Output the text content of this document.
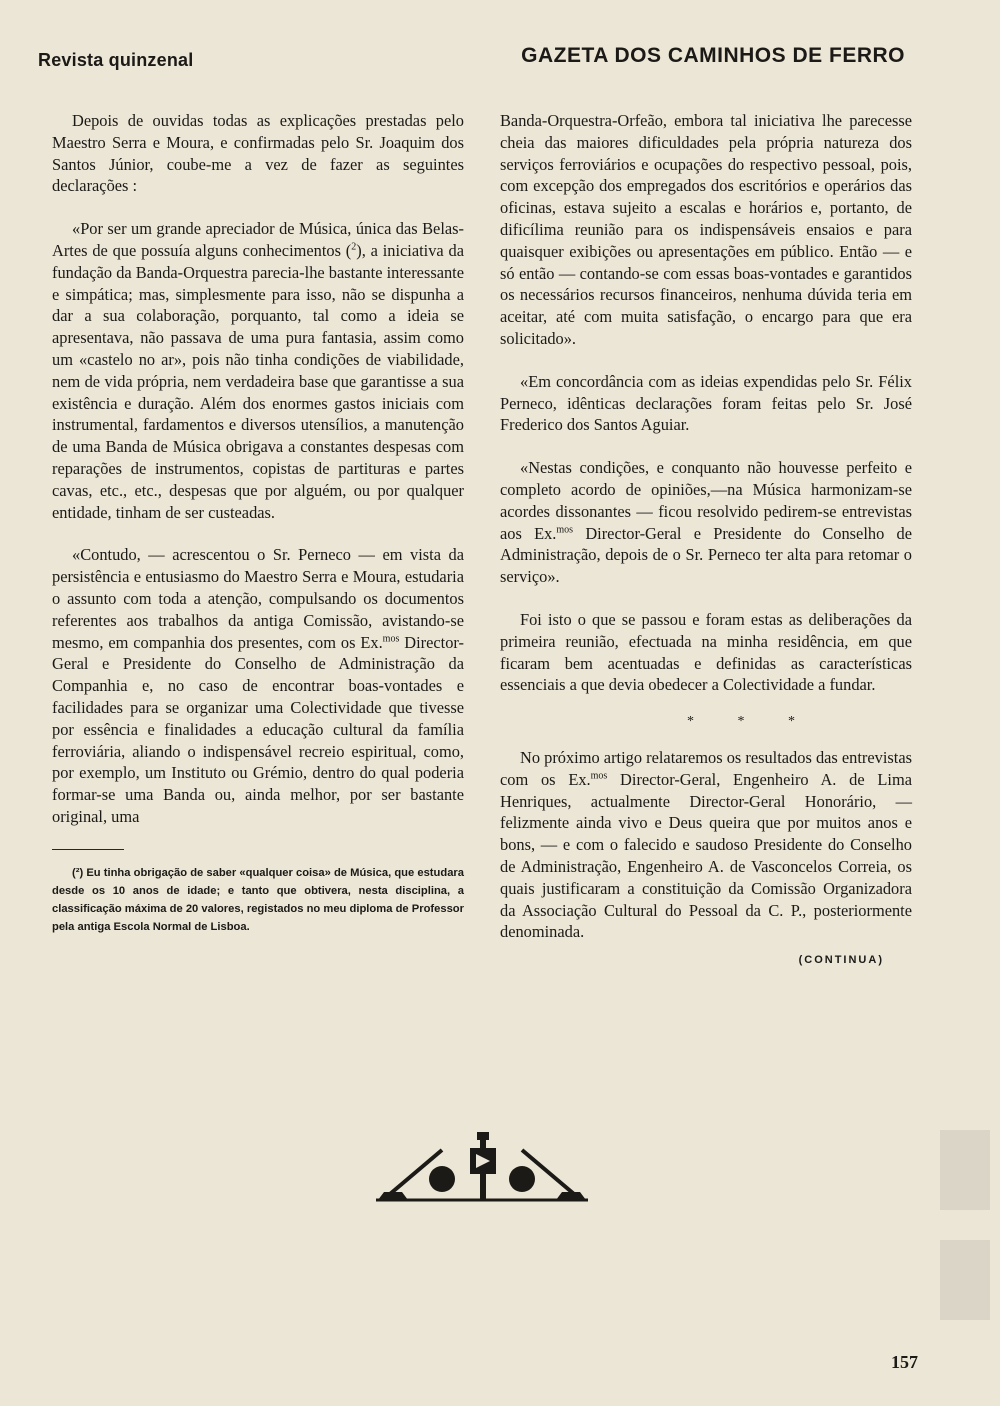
Revista quinzenal	GAZETA DOS CAMINHOS DE FERRO

Depois de ouvidas todas as explicações prestadas pelo Maestro Serra e Moura, e confirmadas pelo Sr. Joaquim dos Santos Júnior, coube-me a vez de fazer as seguintes declarações :

«Por ser um grande apreciador de Música, única das Belas-Artes de que possuía alguns conhecimentos ($^2$), a iniciativa da fundação da Banda-Orquestra parecia-lhe bastante interessante e simpática; mas, simplesmente para isso, não se dispunha a dar a sua colaboração, porquanto, tal como a ideia se apresentava, não passava de uma pura fantasia, assim como um «castelo no ar», pois não tinha condições de viabilidade, nem de vida própria, nem verdadeira base que garantisse a sua existência e duração. Além dos enormes gastos iniciais com instrumental, fardamentos e diversos utensílios, a manutenção de uma Banda de Música obrigava a constantes despesas com reparações de instrumentos, copistas de partituras e partes cavas, etc., etc., despesas que por alguém, ou por qualquer entidade, tinham de ser custeadas.

«Contudo, — acrescentou o Sr. Perneco — em vista da persistência e entusiasmo do Maestro Serra e Moura, estudaria o assunto com toda a atenção, compulsando os documentos referentes aos trabalhos da antiga Comissão, avistando-se mesmo, em companhia dos presentes, com os Ex.$^{mos}$ Director-Geral e Presidente do Conselho de Administração da Companhia e, no caso de encontrar boas-vontades e facilidades para se organizar uma Colectividade que tivesse por essência e finalidades a educação cultural da família ferroviária, aliando o indispensável recreio espiritual, como, por exemplo, um Instituto ou Grémio, dentro do qual poderia formar-se uma Banda ou, ainda melhor, por ser bastante original, uma

(²) Eu tinha obrigação de saber «qualquer coisa» de Música, que estudara desde os 10 anos de idade; e tanto que obtivera, nesta disciplina, a classificação máxima de 20 valores, registados no meu diploma de Professor pela antiga Escola Normal de Lisboa.

Banda-Orquestra-Orfeão, embora tal iniciativa lhe parecesse cheia das maiores dificuldades pela própria natureza dos serviços ferroviários e ocupações do respectivo pessoal, pois, com excepção dos empregados dos escritórios e operários das oficinas, estava sujeito a escalas e horários e, portanto, de dificílima reunião para os indispensáveis ensaios e para quaisquer exibições ou apresentações em público. Então — e só então — contando-se com essas boas-vontades e garantidos os necessários recursos financeiros, nenhuma dúvida teria em aceitar, até com muita satisfação, o encargo para que era solicitado».

«Em concordância com as ideias expendidas pelo Sr. Félix Perneco, idênticas declarações foram feitas pelo Sr. José Frederico dos Santos Aguiar.

«Nestas condições, e conquanto não houvesse perfeito e completo acordo de opiniões,—na Música harmonizam-se acordes dissonantes — ficou resolvido pedirem-se entrevistas aos Ex.$^{mos}$ Director-Geral e Presidente do Conselho de Administração, depois de o Sr. Perneco ter alta para retomar o serviço».

Foi isto o que se passou e foram estas as deliberações da primeira reunião, efectuada na minha residência, em que ficaram bem acentuadas e definidas as características essenciais a que devia obedecer a Colectividade a fundar.

* * *

No próximo artigo relataremos os resultados das entrevistas com os Ex.$^{mos}$ Director-Geral, Engenheiro A. de Lima Henriques, actualmente Director-Geral Honorário, — felizmente ainda vivo e Deus queira que por muitos anos e bons, — e com o falecido e saudoso Presidente do Conselho de Administração, Engenheiro A. de Vasconcelos Correia, os quais justificaram a constituição da Comissão Organizadora da Associação Cultural do Pessoal da C. P., posteriormente denominada.

(CONTINUA)
157
